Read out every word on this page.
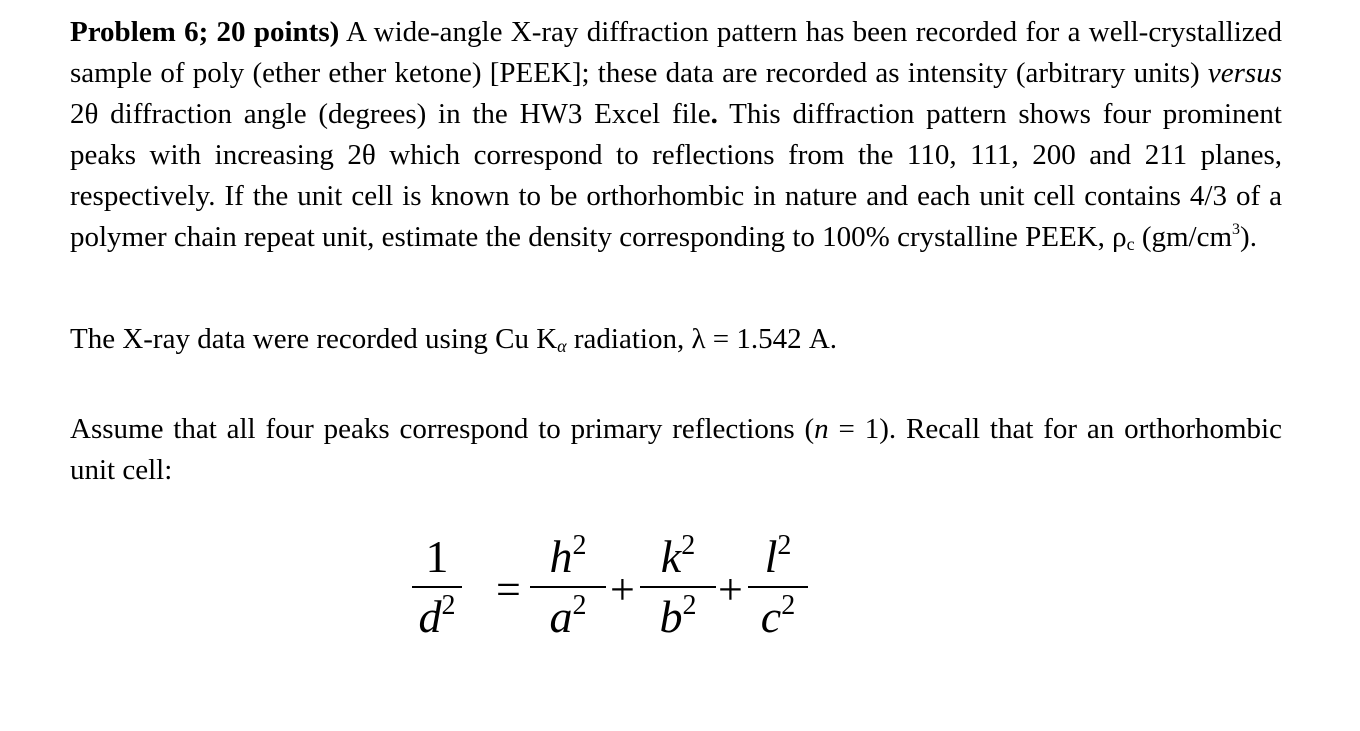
Problem 6; 20 points) A wide-angle X-ray diffraction pattern has been recorded for a well-crystallized sample of poly (ether ether ketone) [PEEK]; these data are recorded as intensity (arbitrary units) versus 2θ diffraction angle (degrees) in the HW3 Excel file. This diffraction pattern shows four prominent peaks with increasing 2θ which correspond to reflections from the 110, 111, 200 and 211 planes, respectively. If the unit cell is known to be orthorhombic in nature and each unit cell contains 4/3 of a polymer chain repeat unit, estimate the density corresponding to 100% crystalline PEEK, $\rho_c$ $(gm/cm^3)$.

The X-ray data were recorded using Cu $K_\alpha$ radiation, λ = 1.542 A.

Assume that all four peaks correspond to primary reflections (n = 1). Recall that for an orthorhombic unit cell:

1
$d^2$ =
$h^2$
$a^2$ +
$k^2$
$b^2$ +
$l^2$
$c^2$
